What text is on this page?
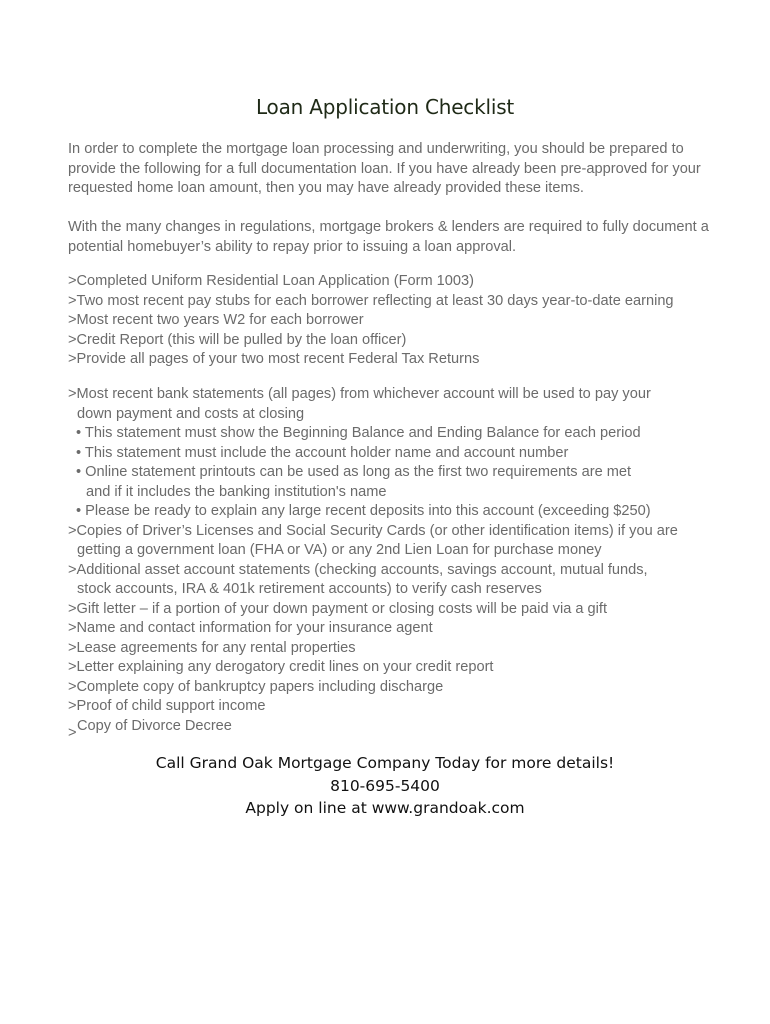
Loan Application Checklist

In order to complete the mortgage loan processing and underwriting, you should be prepared to provide the following for a full documentation loan. If you have already been pre-approved for your requested home loan amount, then you may have already provided these items.

With the many changes in regulations, mortgage brokers & lenders are required to fully document a potential homebuyer’s ability to repay prior to issuing a loan approval.

>Completed Uniform Residential Loan Application (Form 1003)
>Two most recent pay stubs for each borrower reflecting at least 30 days year-to-date earning
>Most recent two years W2 for each borrower
>Credit Report (this will be pulled by the loan officer)
>Provide all pages of your two most recent Federal Tax Returns
>Most recent bank statements (all pages) from whichever account will be used to pay your
down payment and costs at closing
• This statement must show the Beginning Balance and Ending Balance for each period
• This statement must include the account holder name and account number
• Online statement printouts can be used as long as the first two requirements are met
and if it includes the banking institution's name
• Please be ready to explain any large recent deposits into this account (exceeding $250)
>Copies of Driver’s Licenses and Social Security Cards (or other identification items) if you are
getting a government loan (FHA or VA) or any 2nd Lien Loan for purchase money
>Additional asset account statements (checking accounts, savings account, mutual funds,
stock accounts, IRA & 401k retirement accounts) to verify cash reserves
>Gift letter – if a portion of your down payment or closing costs will be paid via a gift
>Name and contact information for your insurance agent
>Lease agreements for any rental properties
>Letter explaining any derogatory credit lines on your credit report
>Complete copy of bankruptcy papers including discharge
>Proof of child support income
> Copy of Divorce Decree
Call Grand Oak Mortgage Company Today for more details!
810-695-5400
Apply on line at www.grandoak.com
